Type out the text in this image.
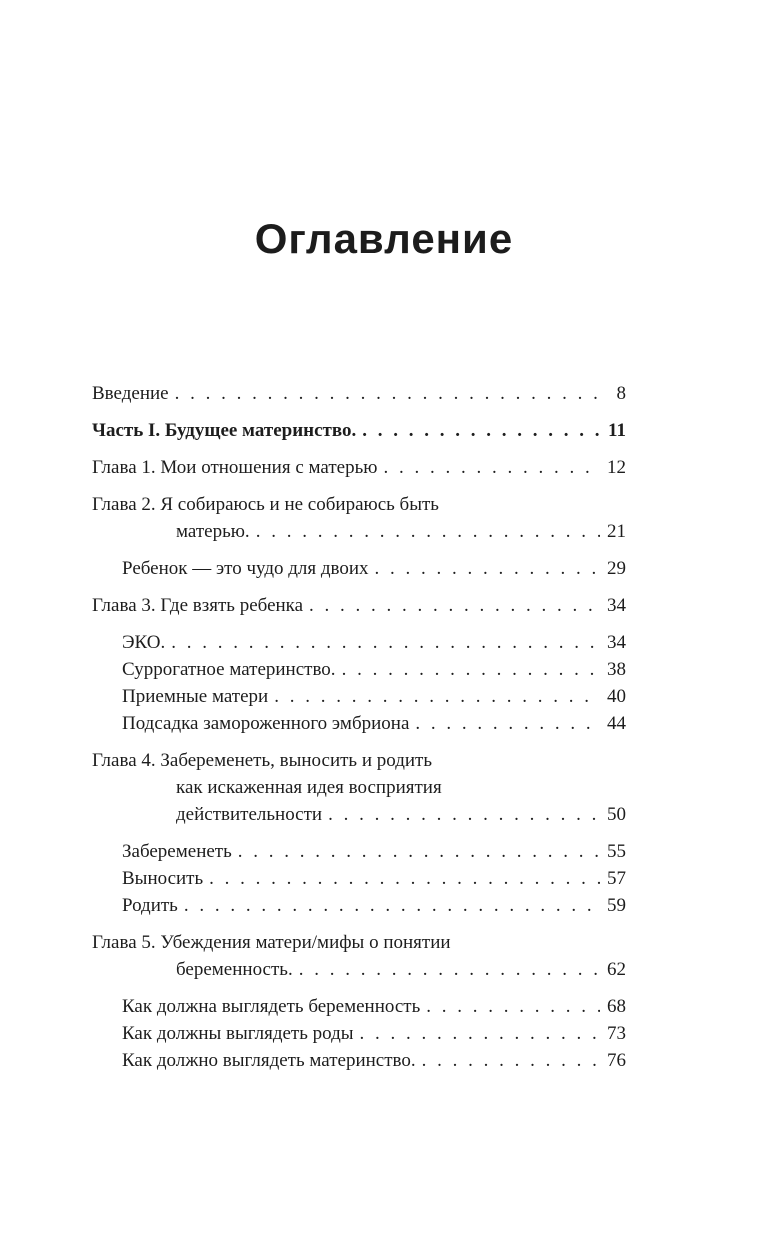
Оглавление
Введение . . .	8
Часть I. Будущее материнство. . . .	11
Глава 1. Мои отношения с матерью . . .	12
Глава 2. Я собираюсь и не собираюсь быть
матерью. . . .	21
Ребенок — это чудо для двоих . . .	29
Глава 3. Где взять ребенка . . .	34
ЭКО. . . .	34
Суррогатное материнство. . . .	38
Приемные матери . . .	40
Подсадка замороженного эмбриона . . .	44
Глава 4. Забеременеть, выносить и родить
как искаженная идея восприятия
действительности . . .	50
Забеременеть . . .	55
Выносить . . .	57
Родить . . .	59
Глава 5. Убеждения матери/мифы о понятии
беременность. . . .	62
Как должна выглядеть беременность . . .	68
Как должны выглядеть роды . . .	73
Как должно выглядеть материнство. . . .	76
